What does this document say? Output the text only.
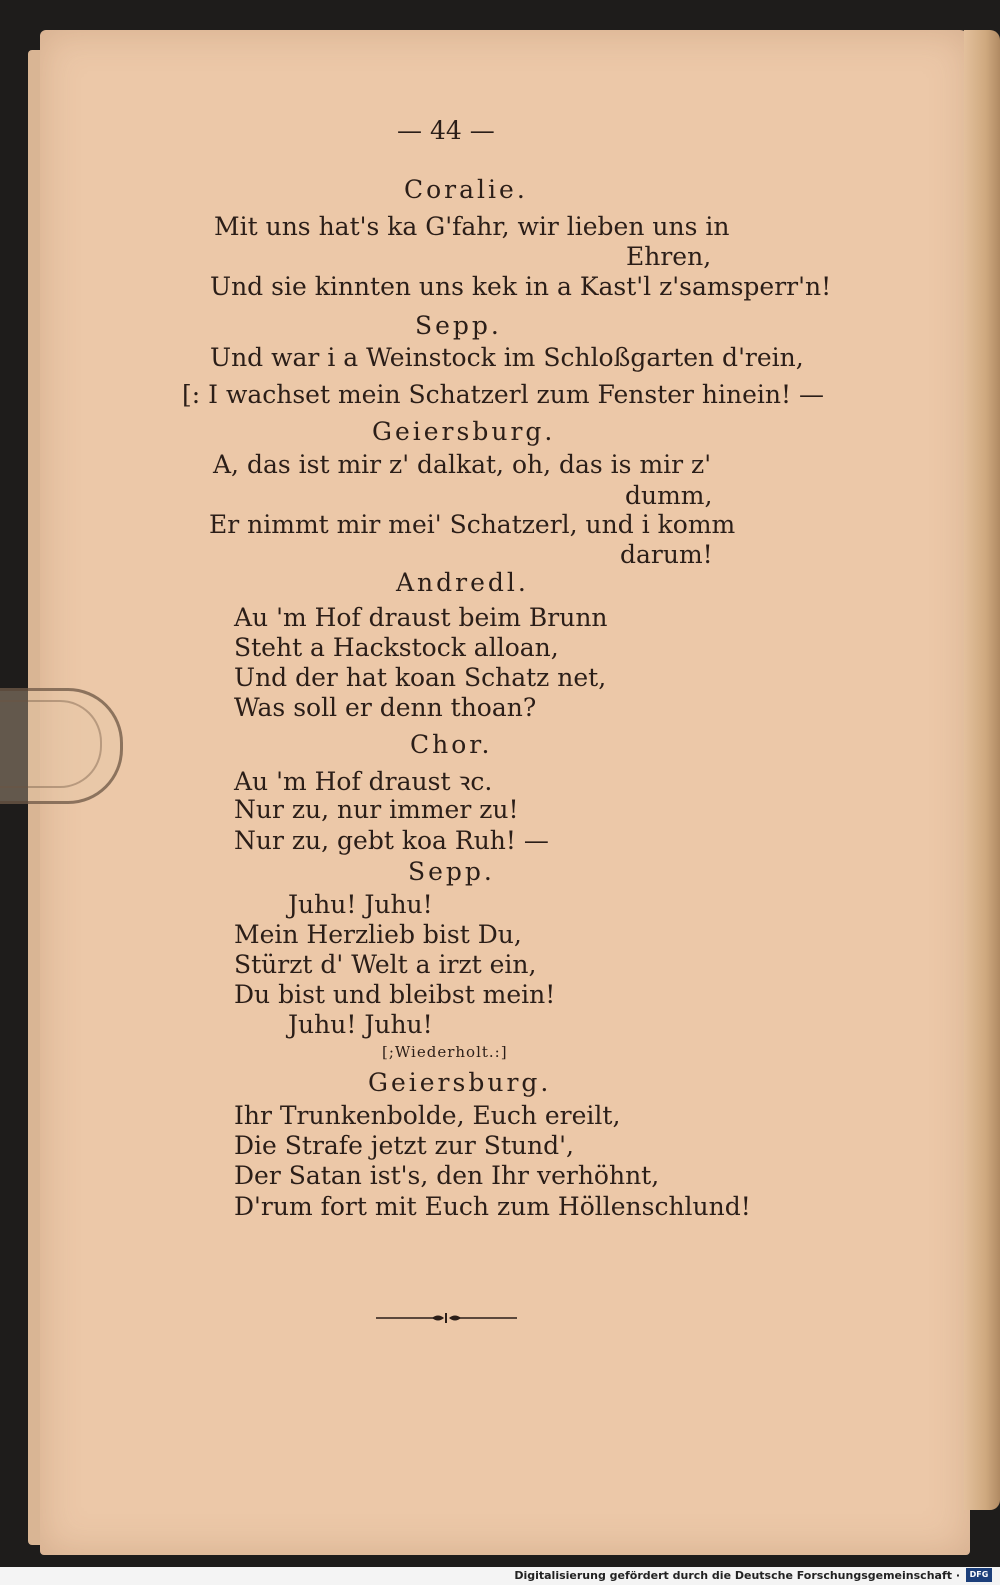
— 44 —
Coralie.
Mit uns hat's ka G'fahr, wir lieben uns in
Ehren,
Und sie kinnten uns kek in a Kast'l z'samsperr'n!
Sepp.
Und war i a Weinstock im Schloßgarten d'rein,
[: I wachset mein Schatzerl zum Fenster hinein! —
Geiersburg.
A, das ist mir z' dalkat, oh, das is mir z'
dumm,
Er nimmt mir mei' Schatzerl, und i komm
darum!
Andredl.
Au 'm Hof draust beim Brunn
Steht a Hackstock alloan,
Und der hat koan Schatz net,
Was soll er denn thoan?
Chor.
Au 'm Hof draust ꝛc.
Nur zu, nur immer zu!
Nur zu, gebt koa Ruh! —
Sepp.
Juhu! Juhu!
Mein Herzlieb bist Du,
Stürzt d' Welt a irzt ein,
Du bist und bleibst mein!
Juhu! Juhu!
[;Wiederholt.:]
Geiersburg.
Ihr Trunkenbolde, Euch ereilt,
Die Strafe jetzt zur Stund',
Der Satan ist's, den Ihr verhöhnt,
D'rum fort mit Euch zum Höllenschlund!
Digitalisierung gefördert durch die Deutsche Forschungsgemeinschaft ·	DFG
